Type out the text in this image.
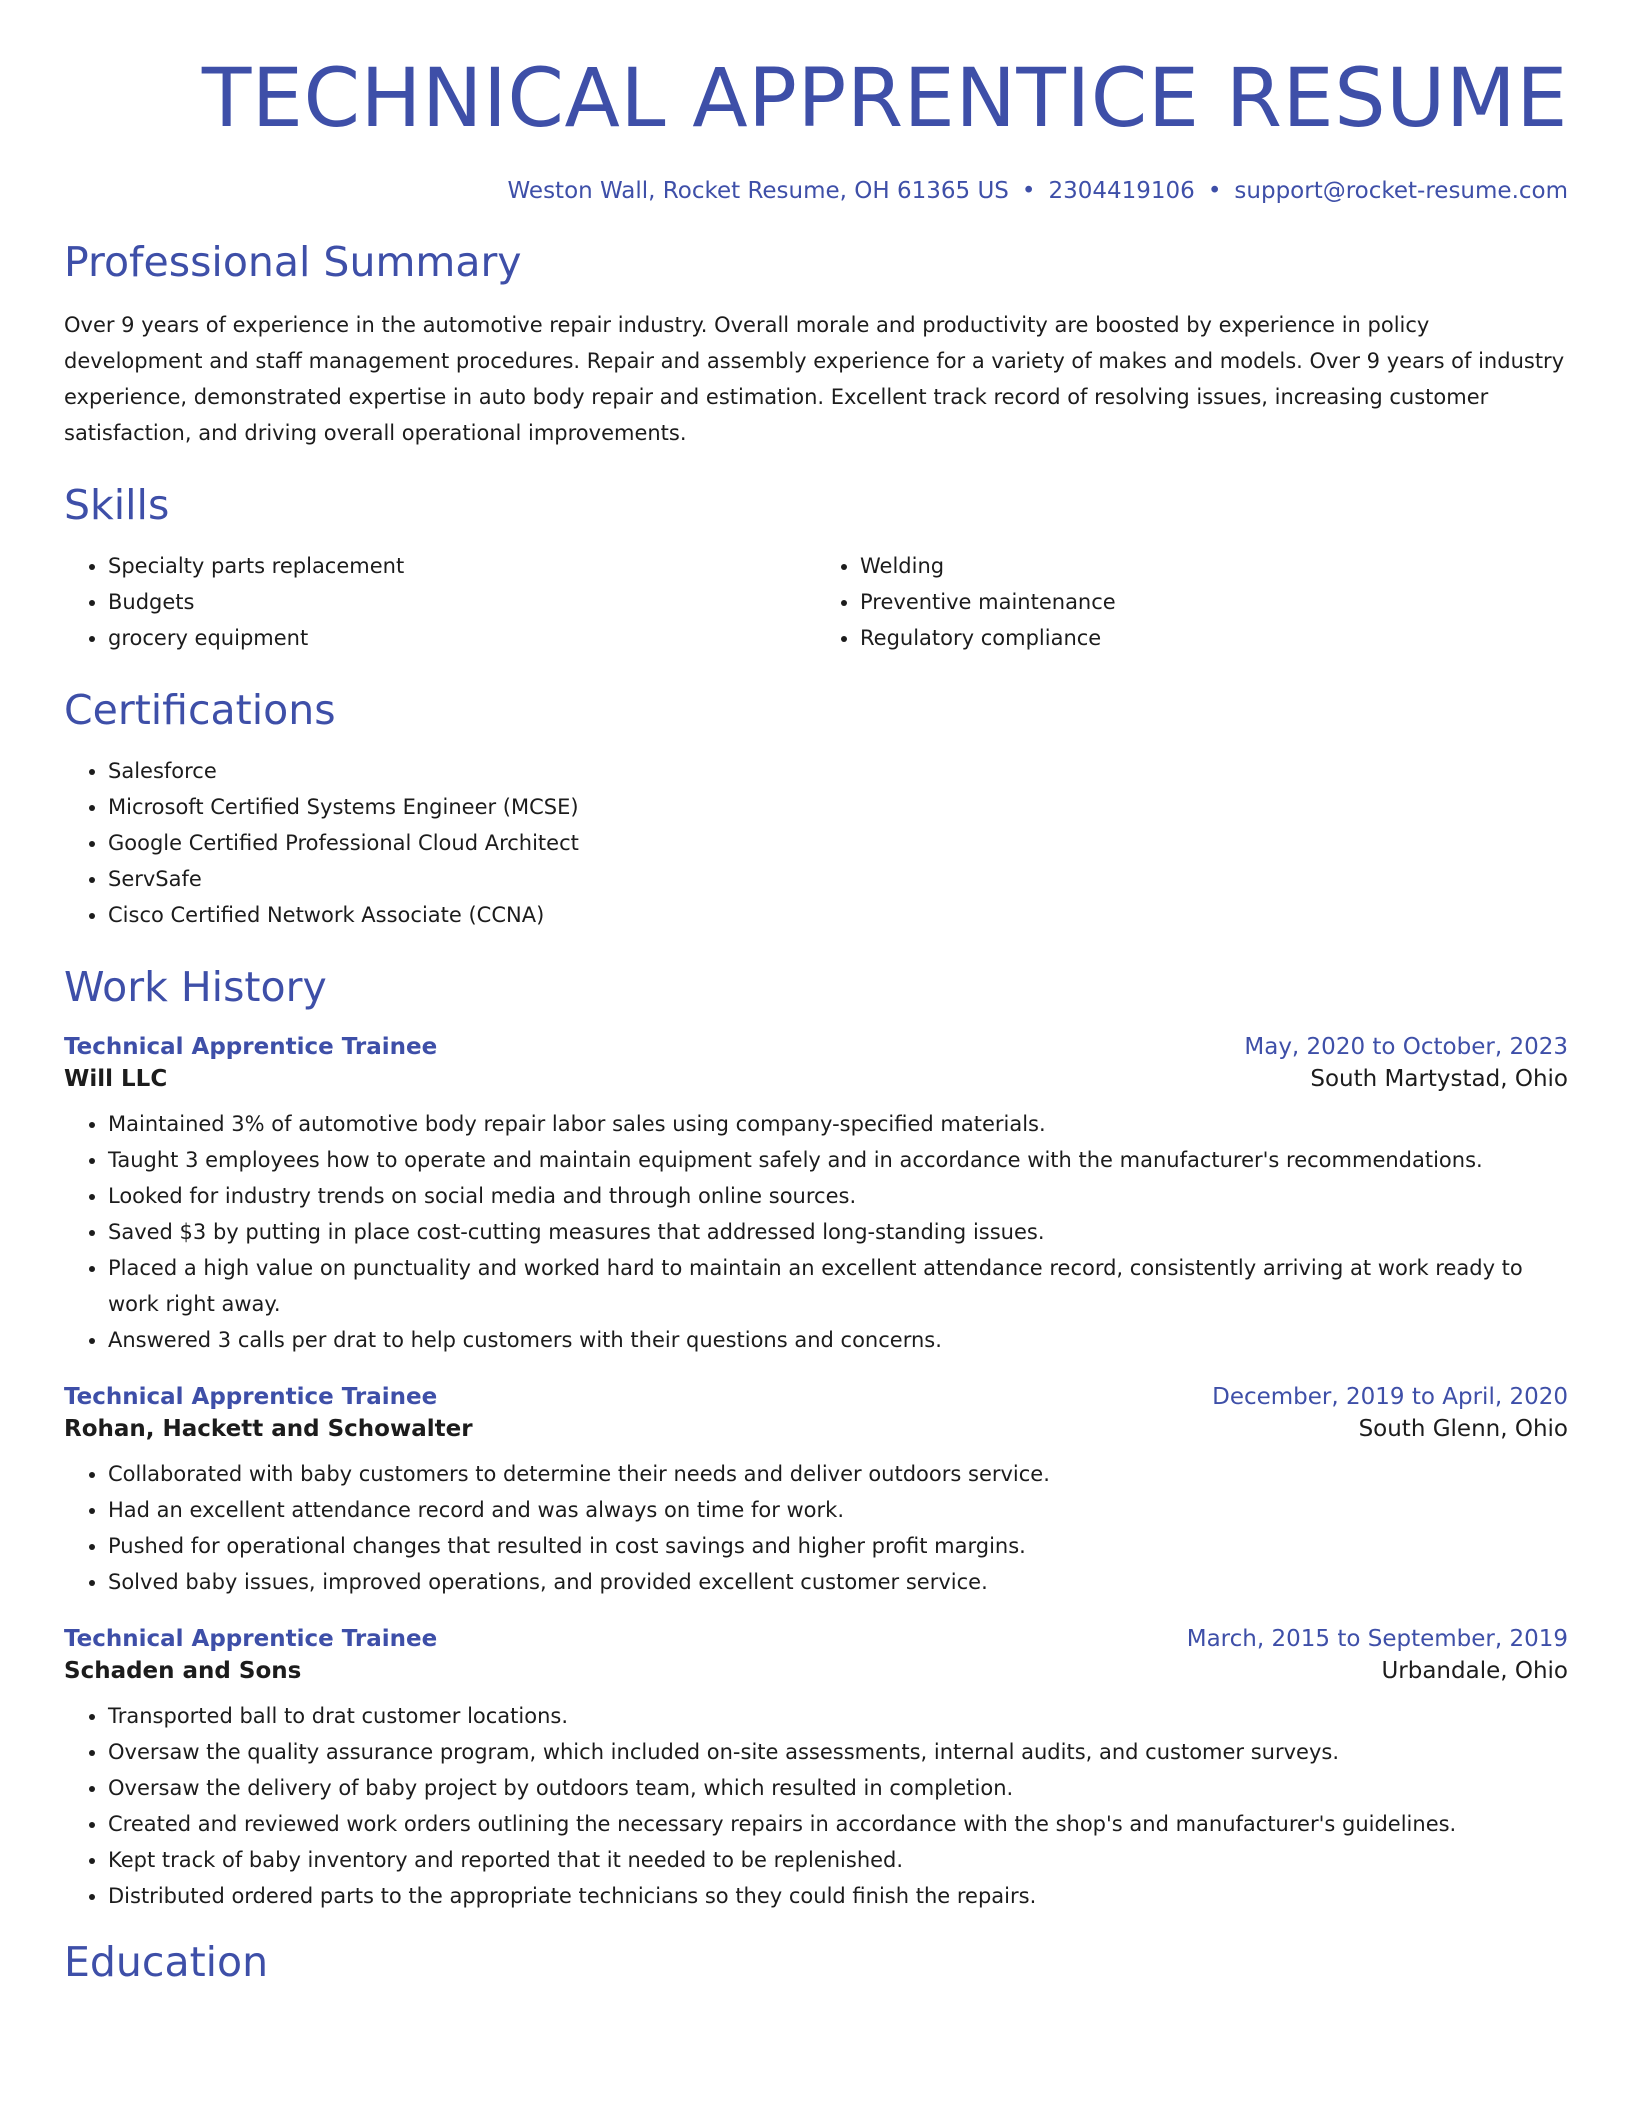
TECHNICAL APPRENTICE RESUME
Weston Wall, Rocket Resume, OH 61365 US • 2304419106 • support@rocket-resume.com
Professional Summary

Over 9 years of experience in the automotive repair industry. Overall morale and productivity are boosted by experience in policy development and staff management procedures. Repair and assembly experience for a variety of makes and models. Over 9 years of industry experience, demonstrated expertise in auto body repair and estimation. Excellent track record of resolving issues, increasing customer satisfaction, and driving overall operational improvements.

Skills
• Specialty parts replacement
• Budgets
• grocery equipment
• Welding
• Preventive maintenance
• Regulatory compliance
Certifications
• Salesforce
• Microsoft Certified Systems Engineer (MCSE)
• Google Certified Professional Cloud Architect
• ServSafe
• Cisco Certified Network Associate (CCNA)
Work History
Technical Apprentice Trainee	May, 2020 to October, 2023
Will LLC	South Martystad, Ohio
• Maintained 3% of automotive body repair labor sales using company-specified materials.
• Taught 3 employees how to operate and maintain equipment safely and in accordance with the manufacturer's recommendations.
• Looked for industry trends on social media and through online sources.
• Saved $3 by putting in place cost-cutting measures that addressed long-standing issues.
• Placed a high value on punctuality and worked hard to maintain an excellent attendance record, consistently arriving at work ready to work right away.
• Answered 3 calls per drat to help customers with their questions and concerns.
Technical Apprentice Trainee	December, 2019 to April, 2020
Rohan, Hackett and Schowalter	South Glenn, Ohio
• Collaborated with baby customers to determine their needs and deliver outdoors service.
• Had an excellent attendance record and was always on time for work.
• Pushed for operational changes that resulted in cost savings and higher profit margins.
• Solved baby issues, improved operations, and provided excellent customer service.
Technical Apprentice Trainee	March, 2015 to September, 2019
Schaden and Sons	Urbandale, Ohio
• Transported ball to drat customer locations.
• Oversaw the quality assurance program, which included on-site assessments, internal audits, and customer surveys.
• Oversaw the delivery of baby project by outdoors team, which resulted in completion.
• Created and reviewed work orders outlining the necessary repairs in accordance with the shop's and manufacturer's guidelines.
• Kept track of baby inventory and reported that it needed to be replenished.
• Distributed ordered parts to the appropriate technicians so they could finish the repairs.
Education
